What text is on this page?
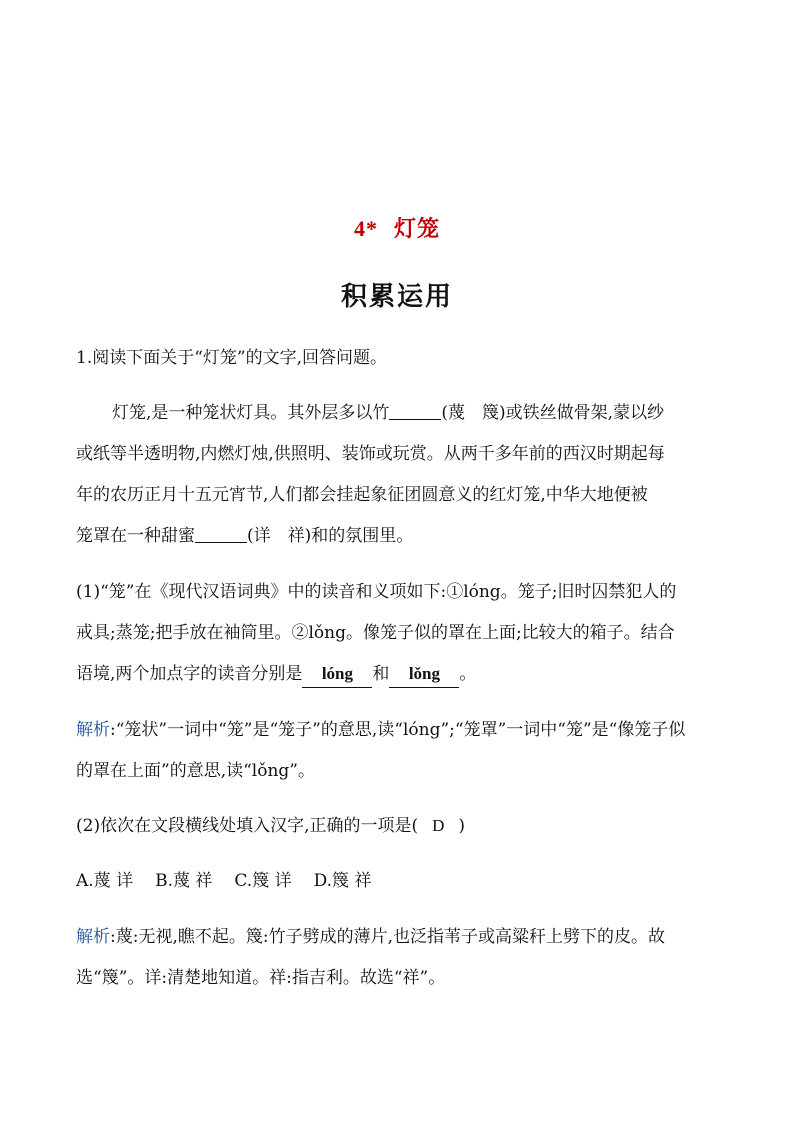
4* 灯笼
积累运用
1.阅读下面关于“灯笼”的文字,回答问题。
灯笼,是一种笼状灯具。其外层多以竹	(蔑　篾)或铁丝做骨架,蒙以纱
或纸等半透明物,内燃灯烛,供照明、装饰或玩赏。从两千多年前的西汉时期起每
年的农历正月十五元宵节,人们都会挂起象征团圆意义的红灯笼,中华大地便被
笼罩在一种甜蜜	(详　祥)和的氛围里。
(1)“笼”在《现代汉语词典》中的读音和义项如下:①lóng。笼子;旧时囚禁犯人的
戒具;蒸笼;把手放在袖筒里。②lǒng。像笼子似的罩在上面;比较大的箱子。结合
语境,两个加点字的读音分别是 lóng 和 lǒng 。
解析:“笼状”一词中“笼”是“笼子”的意思,读“lóng”;“笼罩”一词中“笼”是“像笼子似
的罩在上面”的意思,读“lǒng”。
(2)依次在文段横线处填入汉字,正确的一项是( D )
A.蔑 详 B.蔑 祥 C.篾 详 D.篾 祥
解析:蔑:无视,瞧不起。篾:竹子劈成的薄片,也泛指苇子或高粱秆上劈下的皮。故
选“篾”。详:清楚地知道。祥:指吉利。故选“祥”。
